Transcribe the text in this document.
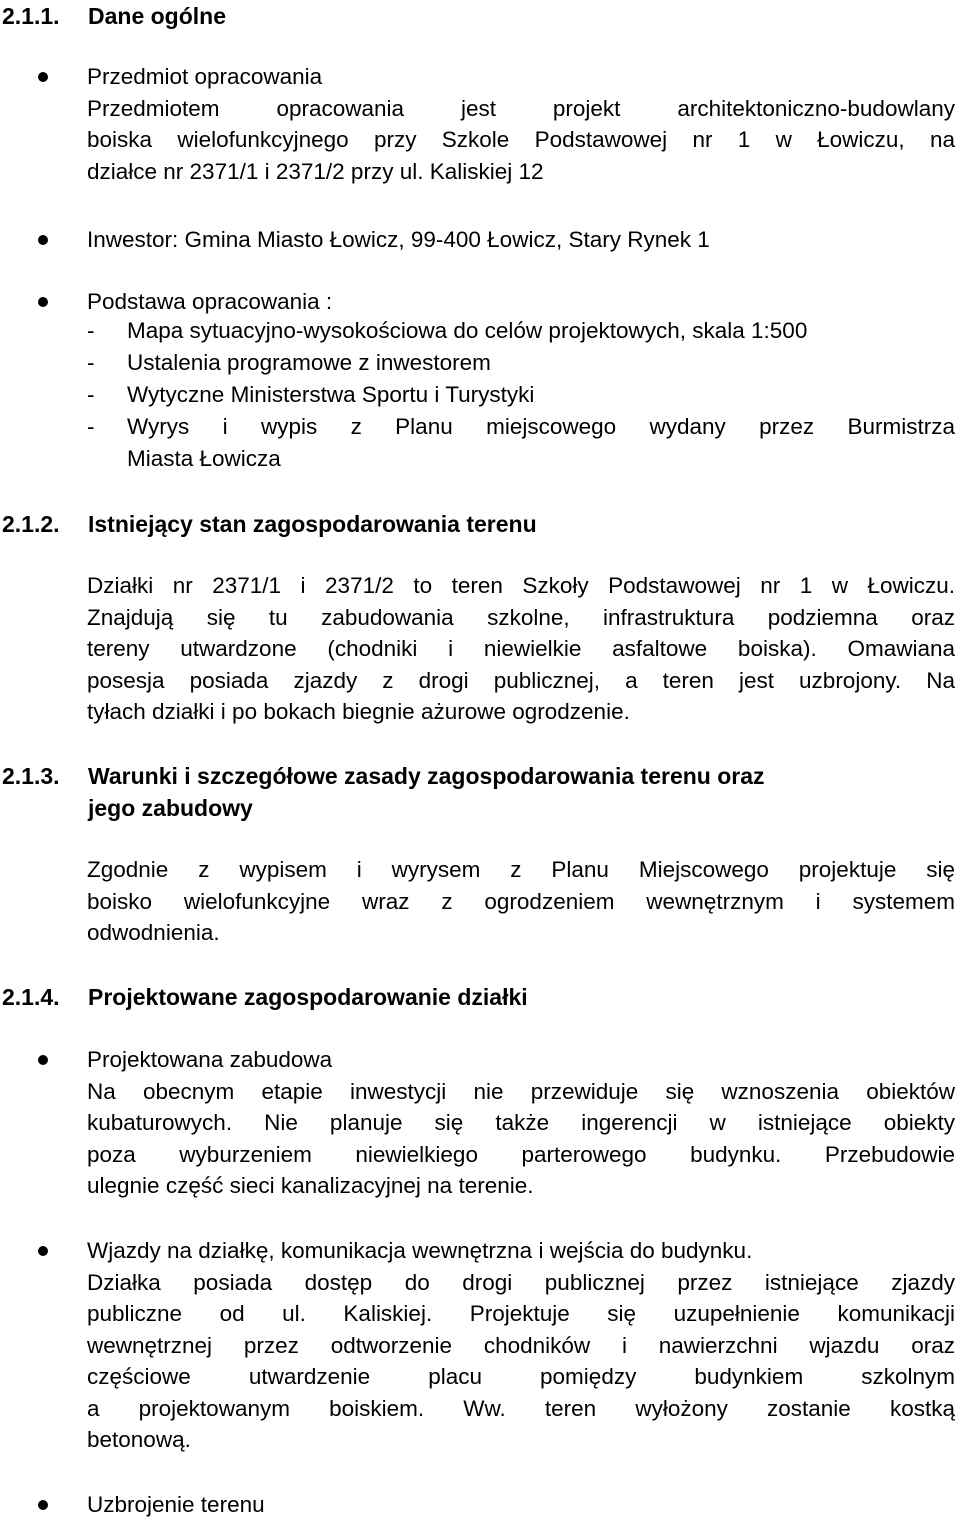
2.1.1. Dane ogólne
Przedmiot opracowania
Przedmiotem opracowania jest projekt architektoniczno-budowlany
boiska wielofunkcyjnego przy Szkole Podstawowej nr 1 w Łowiczu, na
działce nr 2371/1 i 2371/2 przy ul. Kaliskiej 12
Inwestor: Gmina Miasto Łowicz, 99-400 Łowicz, Stary Rynek 1
Podstawa opracowania :
- Mapa sytuacyjno-wysokościowa do celów projektowych, skala 1:500
- Ustalenia programowe z inwestorem
- Wytyczne Ministerstwa Sportu i Turystyki
- Wyrys i wypis z Planu miejscowego wydany przez Burmistrza
Miasta Łowicza
2.1.2. Istniejący stan zagospodarowania terenu
Działki nr 2371/1 i 2371/2 to teren Szkoły Podstawowej nr 1 w Łowiczu.
Znajdują się tu zabudowania szkolne, infrastruktura podziemna oraz
tereny utwardzone (chodniki i niewielkie asfaltowe boiska). Omawiana
posesja posiada zjazdy z drogi publicznej, a teren jest uzbrojony. Na
tyłach działki i po bokach biegnie ażurowe ogrodzenie.
2.1.3. Warunki i szczegółowe zasady zagospodarowania terenu oraz
jego zabudowy
Zgodnie z wypisem i wyrysem z Planu Miejscowego projektuje się
boisko wielofunkcyjne wraz z ogrodzeniem wewnętrznym i systemem
odwodnienia.
2.1.4. Projektowane zagospodarowanie działki
Projektowana zabudowa
Na obecnym etapie inwestycji nie przewiduje się wznoszenia obiektów
kubaturowych. Nie planuje się także ingerencji w istniejące obiekty
poza wyburzeniem niewielkiego parterowego budynku. Przebudowie
ulegnie część sieci kanalizacyjnej na terenie.
Wjazdy na działkę, komunikacja wewnętrzna i wejścia do budynku.
Działka posiada dostęp do drogi publicznej przez istniejące zjazdy
publiczne od ul. Kaliskiej. Projektuje się uzupełnienie komunikacji
wewnętrznej przez odtworzenie chodników i nawierzchni wjazdu oraz
częściowe utwardzenie placu pomiędzy budynkiem szkolnym
a projektowanym boiskiem. Ww. teren wyłożony zostanie kostką
betonową.
Uzbrojenie terenu
